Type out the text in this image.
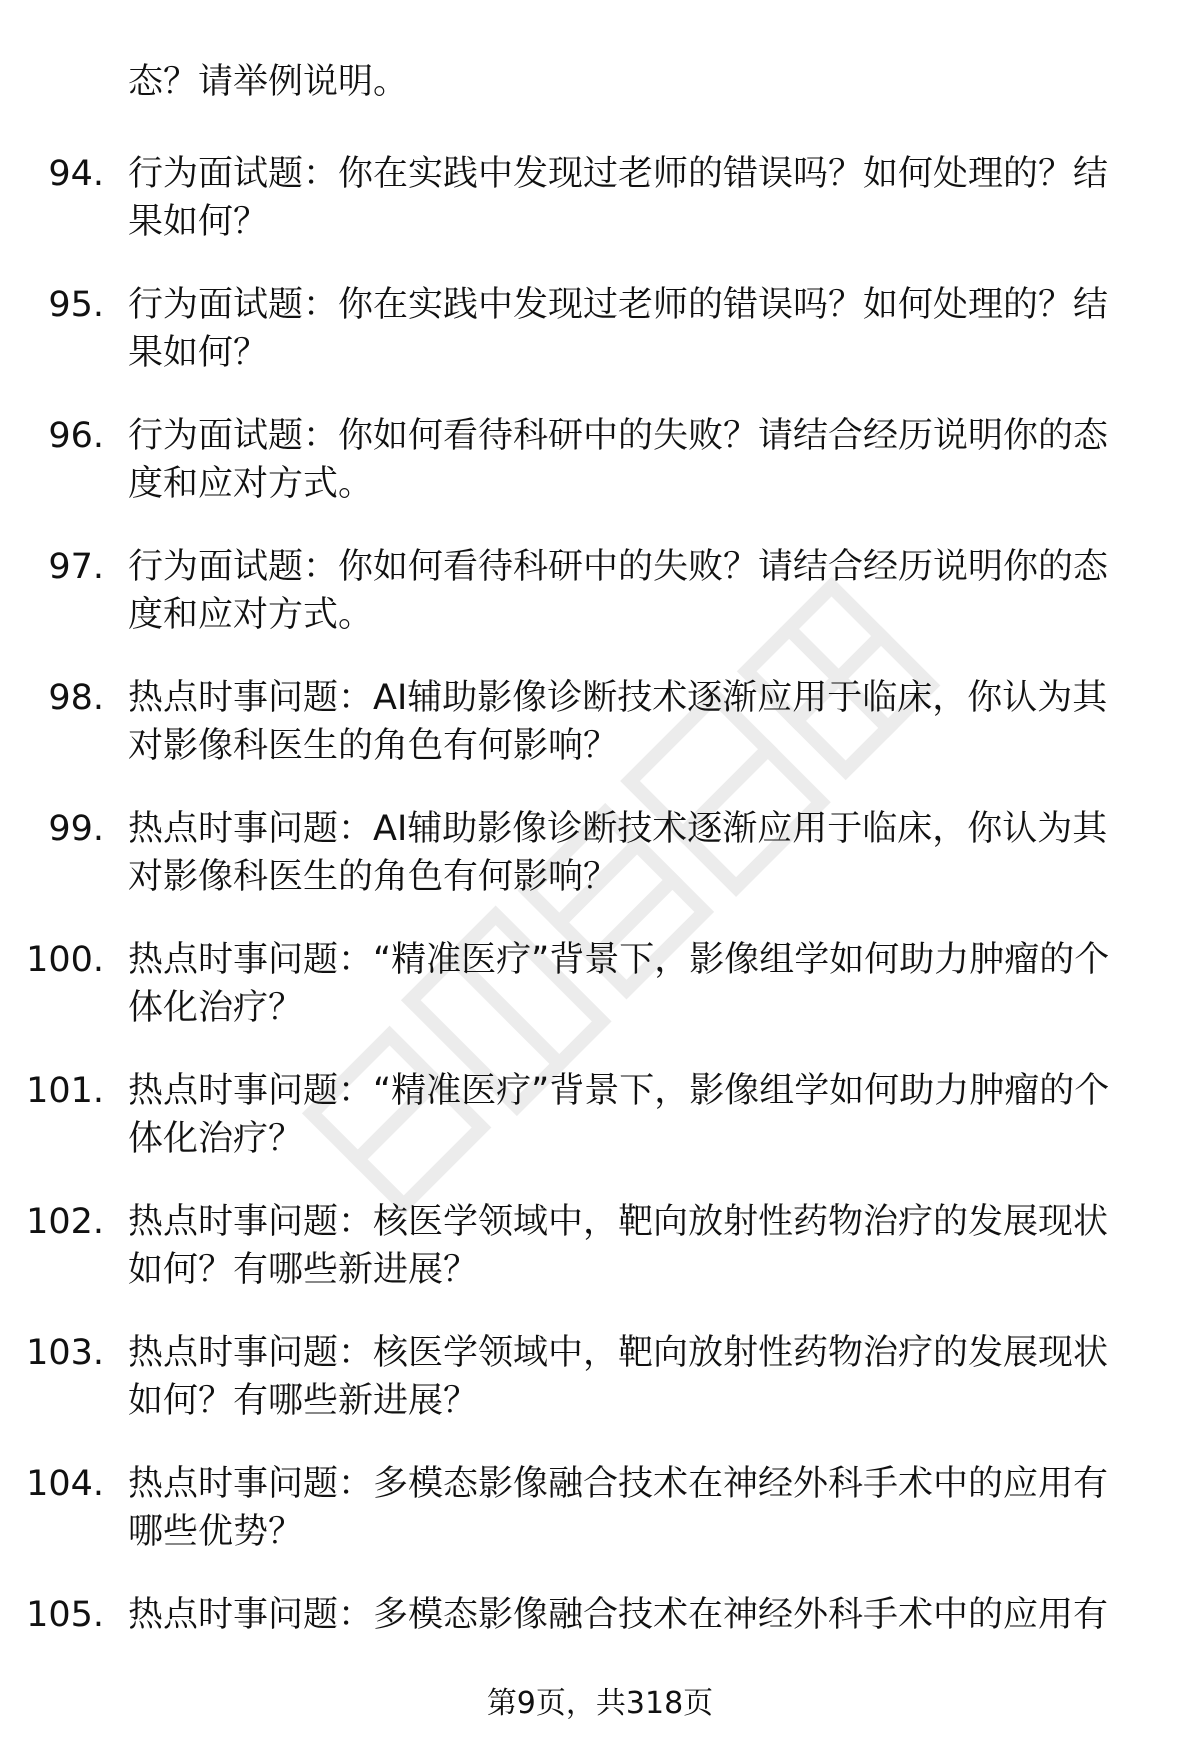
态？请举例说明。
94. 行为面试题：你在实践中发现过老师的错误吗？如何处理的？结果如何？
95. 行为面试题：你在实践中发现过老师的错误吗？如何处理的？结果如何？
96. 行为面试题：你如何看待科研中的失败？请结合经历说明你的态度和应对方式。
97. 行为面试题：你如何看待科研中的失败？请结合经历说明你的态度和应对方式。
98. 热点时事问题：AI辅助影像诊断技术逐渐应用于临床，你认为其对影像科医生的角色有何影响？
99. 热点时事问题：AI辅助影像诊断技术逐渐应用于临床，你认为其对影像科医生的角色有何影响？
100. 热点时事问题：“精准医疗”背景下，影像组学如何助力肿瘤的个体化治疗？
101. 热点时事问题：“精准医疗”背景下，影像组学如何助力肿瘤的个体化治疗？
102. 热点时事问题：核医学领域中，靶向放射性药物治疗的发展现状如何？有哪些新进展？
103. 热点时事问题：核医学领域中，靶向放射性药物治疗的发展现状如何？有哪些新进展？
104. 热点时事问题：多模态影像融合技术在神经外科手术中的应用有哪些优势？
105. 热点时事问题：多模态影像融合技术在神经外科手术中的应用有
第9页，共318页
